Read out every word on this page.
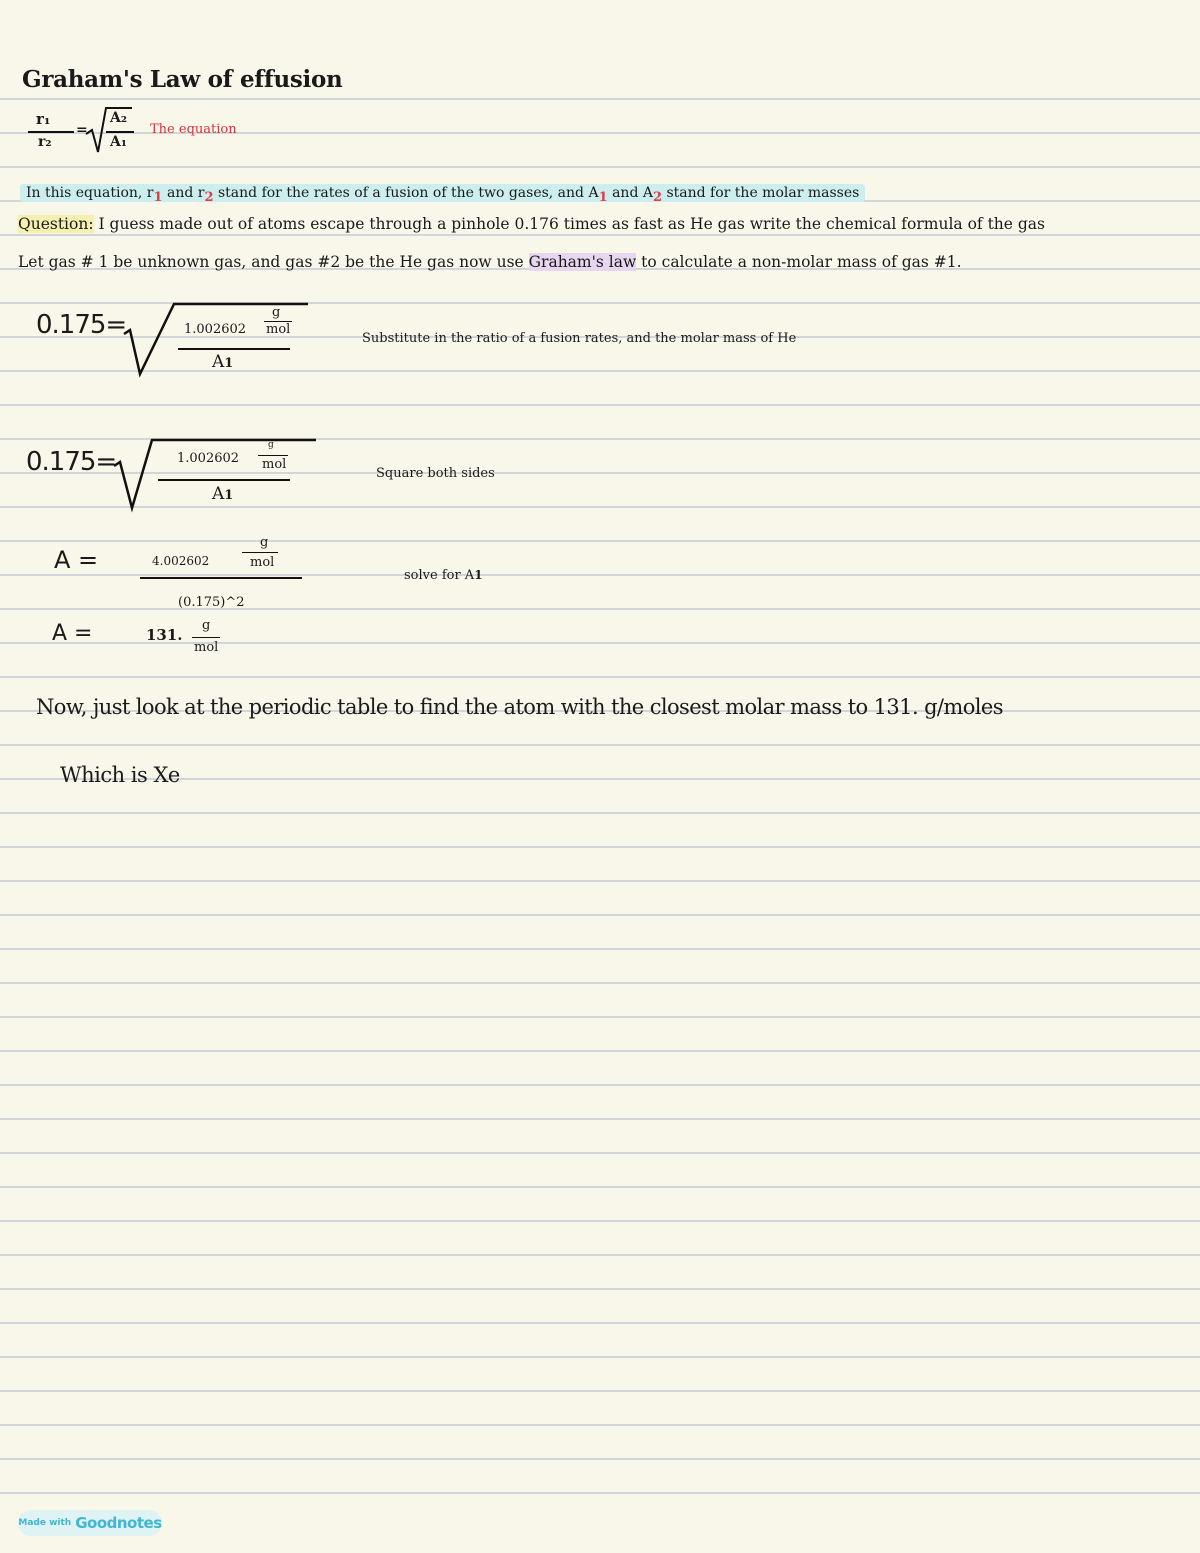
Graham's Law of effusion
r₁
r₂
=
A₂
A₁
The equation
In this equation, r1 and r2 stand for the rates of a fusion of the two gases, and A1 and A2 stand for the molar masses
Question: I guess made out of atoms escape through a pinhole 0.176 times as fast as He gas write the chemical formula of the gas
Let gas # 1 be unknown gas, and gas #2 be the He gas now use Graham's law to calculate a non-molar mass of gas #1.
0.175=	1.002602
g
mol
A1
Substitute in the ratio of a fusion rates, and the molar mass of He
0.175=	1.002602
g
mol
A1
Square both sides
A =	4.002602
g
mol
(0.175)^2
solve for A1
A =	131.
g
mol
Now, just look at the periodic table to find the atom with the closest molar mass to 131. g/moles
Which is Xe
Made with Goodnotes
